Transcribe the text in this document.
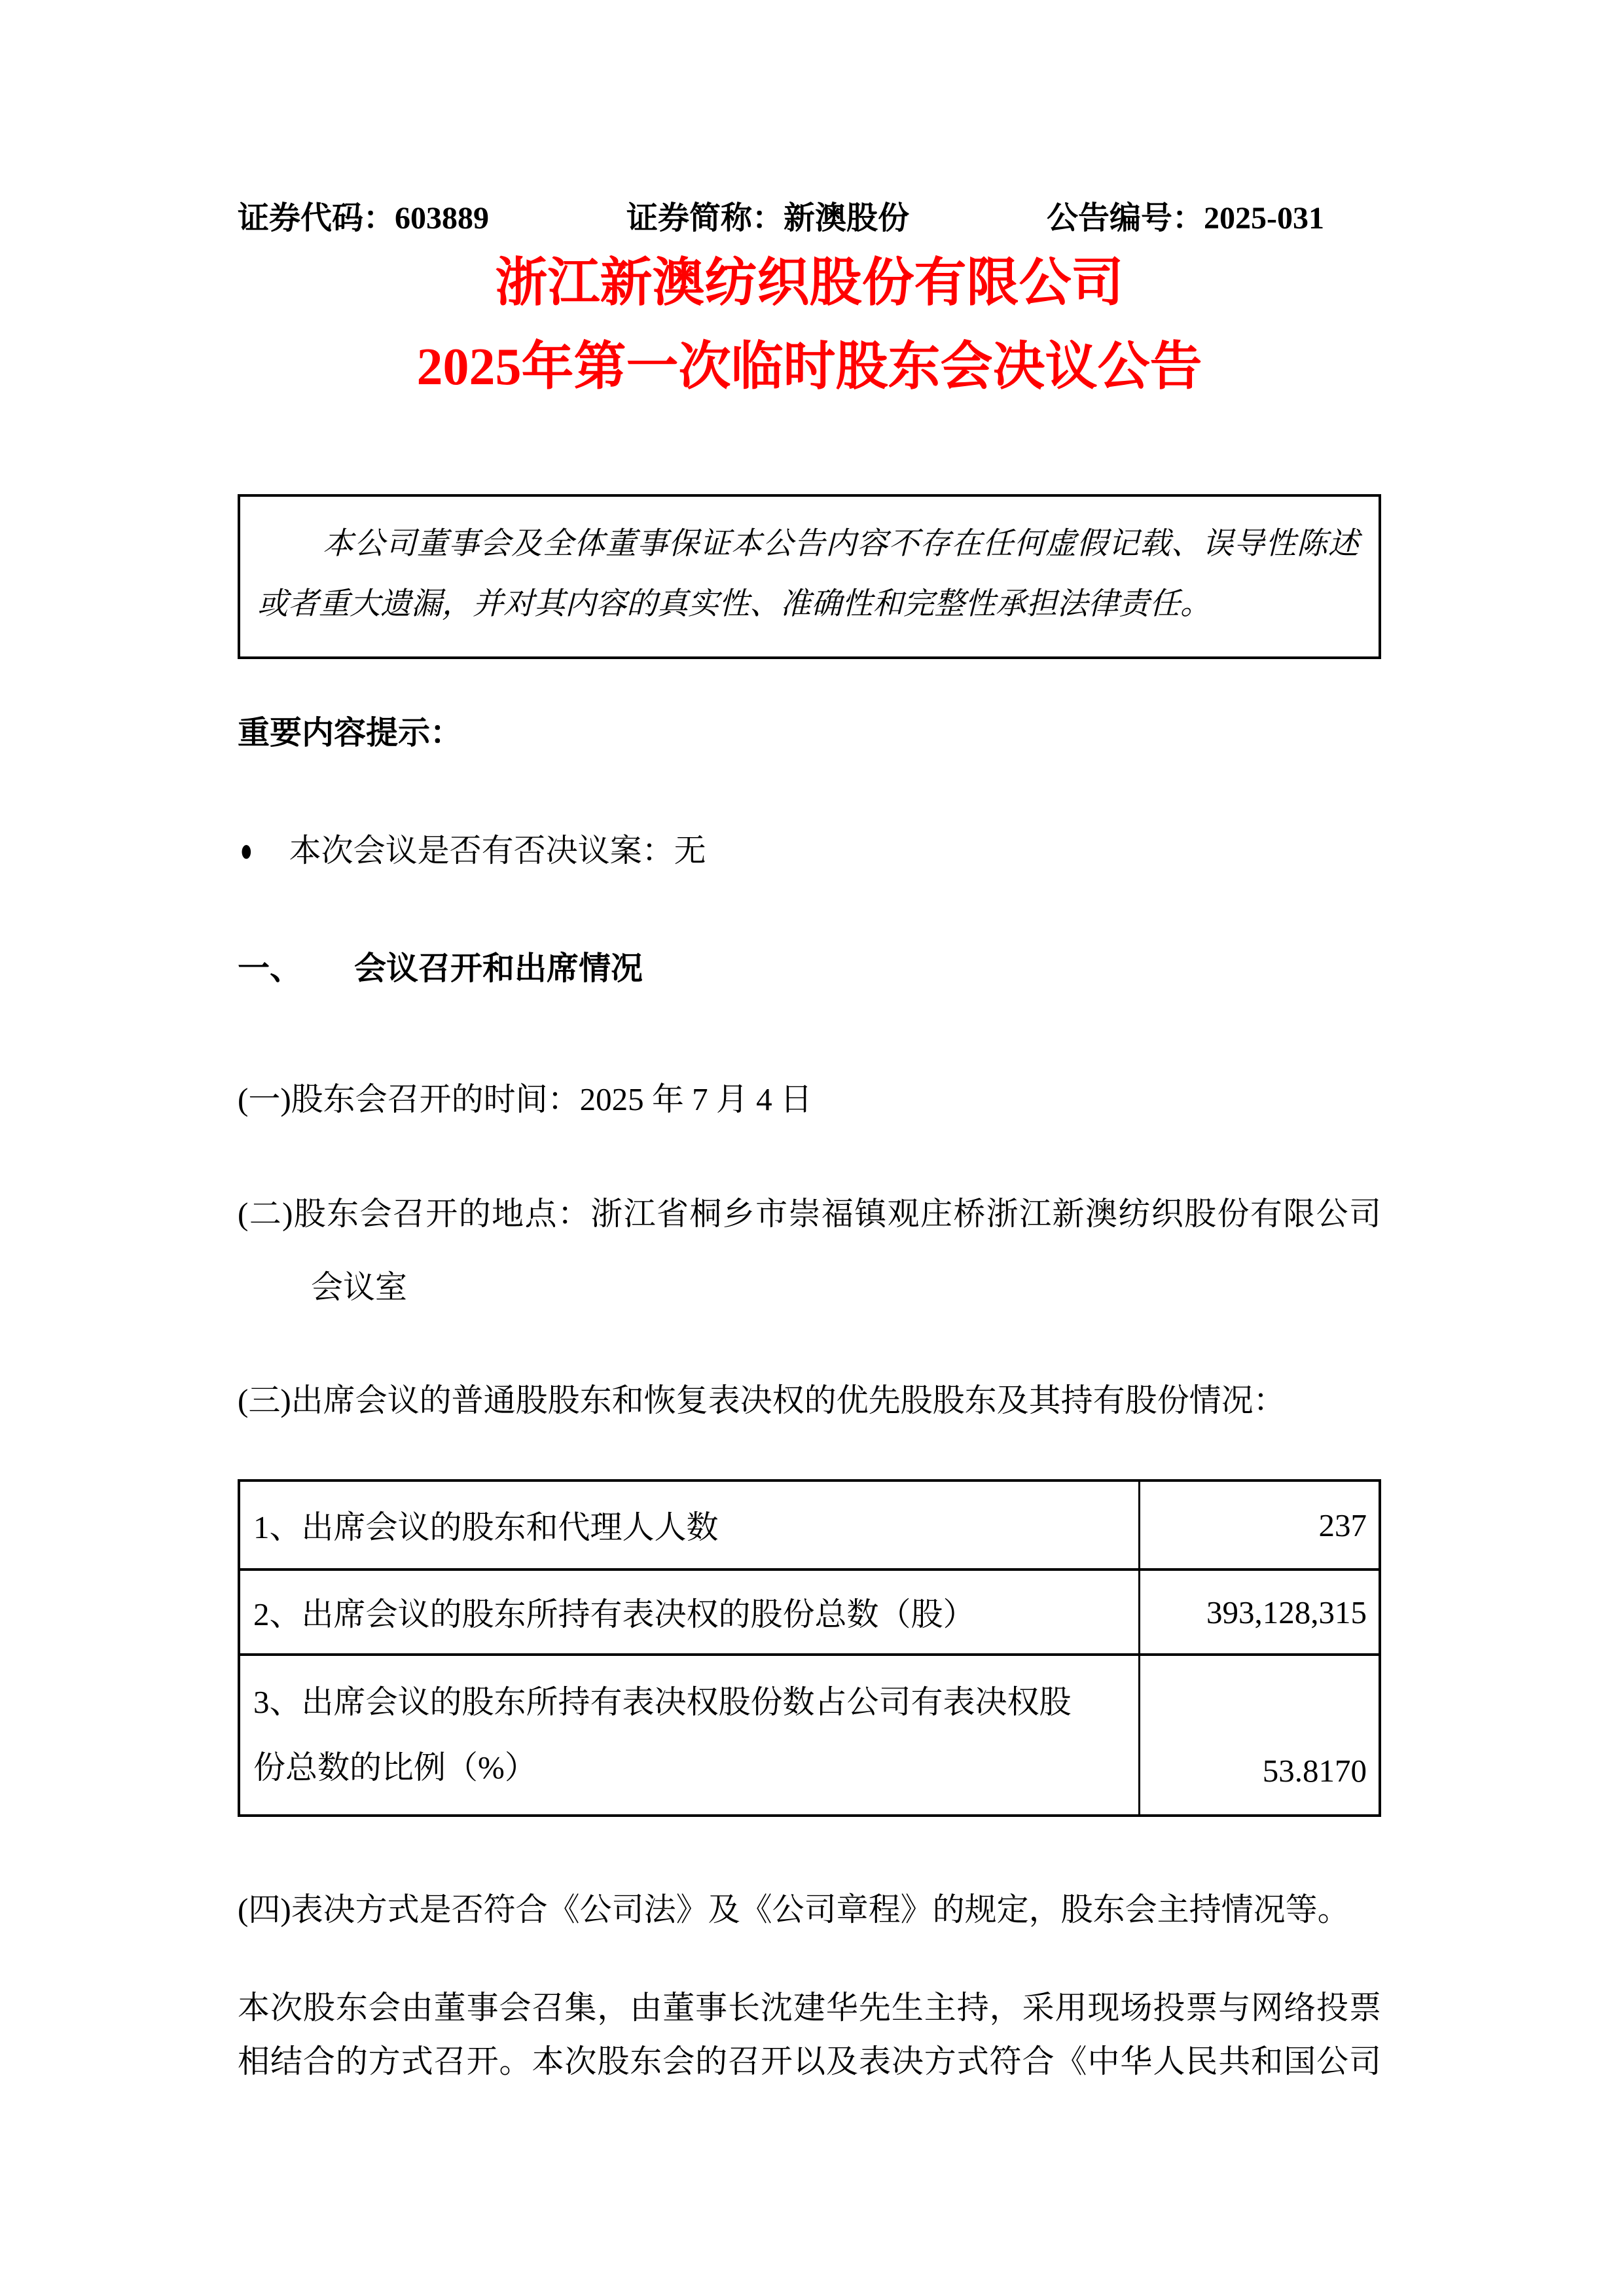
证券代码：603889	证券简称：新澳股份	公告编号：2025-031
浙江新澳纺织股份有限公司
2025年第一次临时股东会决议公告
本公司董事会及全体董事保证本公告内容不存在任何虚假记载、误导性陈述
或者重大遗漏，并对其内容的真实性、准确性和完整性承担法律责任。
重要内容提示：
● 本次会议是否有否决议案：无
一、 会议召开和出席情况
(一)股东会召开的时间：2025 年 7 月 4 日
(二)股东会召开的地点：浙江省桐乡市崇福镇观庄桥浙江新澳纺织股份有限公司
会议室
(三)出席会议的普通股股东和恢复表决权的优先股股东及其持有股份情况：
1、出席会议的股东和代理人人数	237
2、出席会议的股东所持有表决权的股份总数（股）	393,128,315

3、出席会议的股东所持有表决权股份数占公司有表决权股
份总数的比例（%）	53.8170
(四)表决方式是否符合《公司法》及《公司章程》的规定，股东会主持情况等。
本次股东会由董事会召集，由董事长沈建华先生主持，采用现场投票与网络投票
相结合的方式召开。本次股东会的召开以及表决方式符合《中华人民共和国公司
